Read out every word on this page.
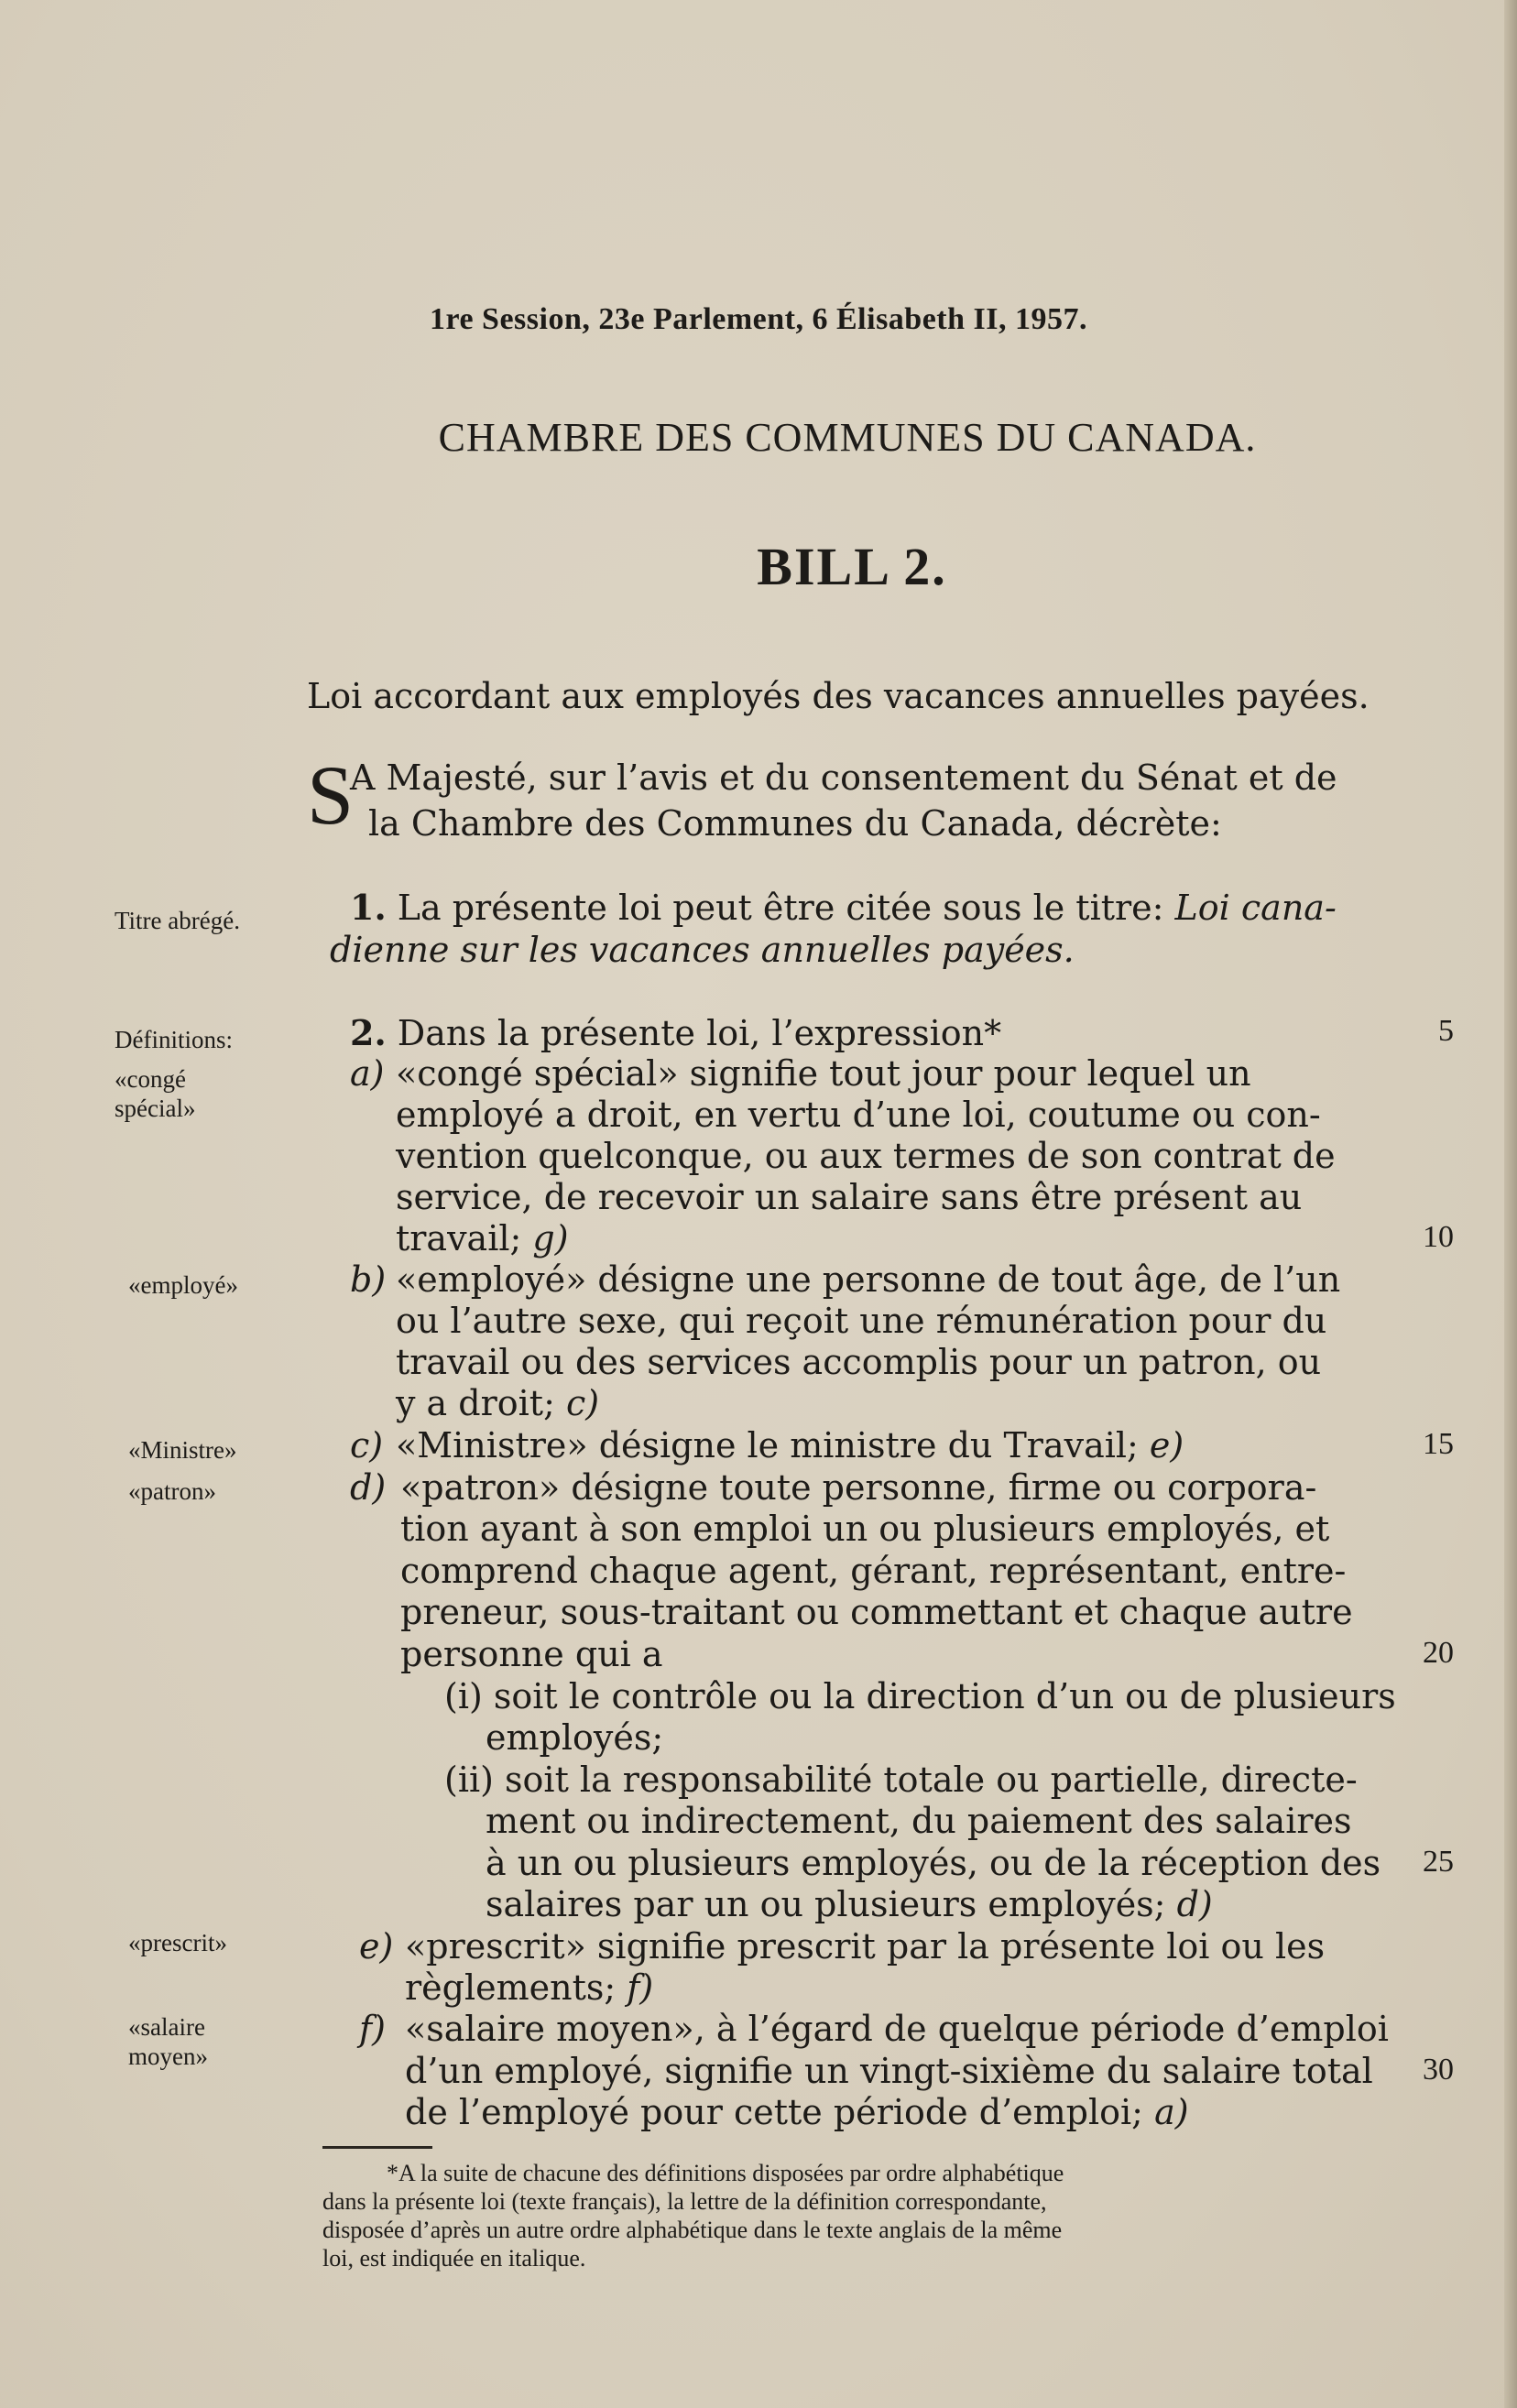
1re Session, 23e Parlement, 6 Élisabeth II, 1957.
CHAMBRE DES COMMUNES DU CANADA.
BILL 2.
Loi accordant aux employés des vacances annuelles payées.
S
A Majesté, sur l’avis et du consentement du Sénat et de
la Chambre des Communes du Canada, décrète:
Titre abrégé.
Définitions:
«congé
spécial»
«employé»
«Ministre»
«patron»
«prescrit»
«salaire
moyen»
1. La présente loi peut être citée sous le titre: Loi cana-
dienne sur les vacances annuelles payées.
2. Dans la présente loi, l’expression*
a) «congé spécial» signifie tout jour pour lequel un
employé a droit, en vertu d’une loi, coutume ou con-
vention quelconque, ou aux termes de son contrat de
service, de recevoir un salaire sans être présent au
travail; g)
b) «employé» désigne une personne de tout âge, de l’un
ou l’autre sexe, qui reçoit une rémunération pour du
travail ou des services accomplis pour un patron, ou
y a droit; c)
c) «Ministre» désigne le ministre du Travail; e)
d) «patron» désigne toute personne, firme ou corpora-
tion ayant à son emploi un ou plusieurs employés, et
comprend chaque agent, gérant, représentant, entre-
preneur, sous-traitant ou commettant et chaque autre
personne qui a
(i) soit le contrôle ou la direction d’un ou de plusieurs
employés;
(ii) soit la responsabilité totale ou partielle, directe-
ment ou indirectement, du paiement des salaires
à un ou plusieurs employés, ou de la réception des
salaires par un ou plusieurs employés; d)
e) «prescrit» signifie prescrit par la présente loi ou les
règlements; f)
f) «salaire moyen», à l’égard de quelque période d’emploi
d’un employé, signifie un vingt-sixième du salaire total
de l’employé pour cette période d’emploi; a)
5
10
15
20
25
30
*A la suite de chacune des définitions disposées par ordre alphabétique
dans la présente loi (texte français), la lettre de la définition correspondante,
disposée d’après un autre ordre alphabétique dans le texte anglais de la même
loi, est indiquée en italique.
